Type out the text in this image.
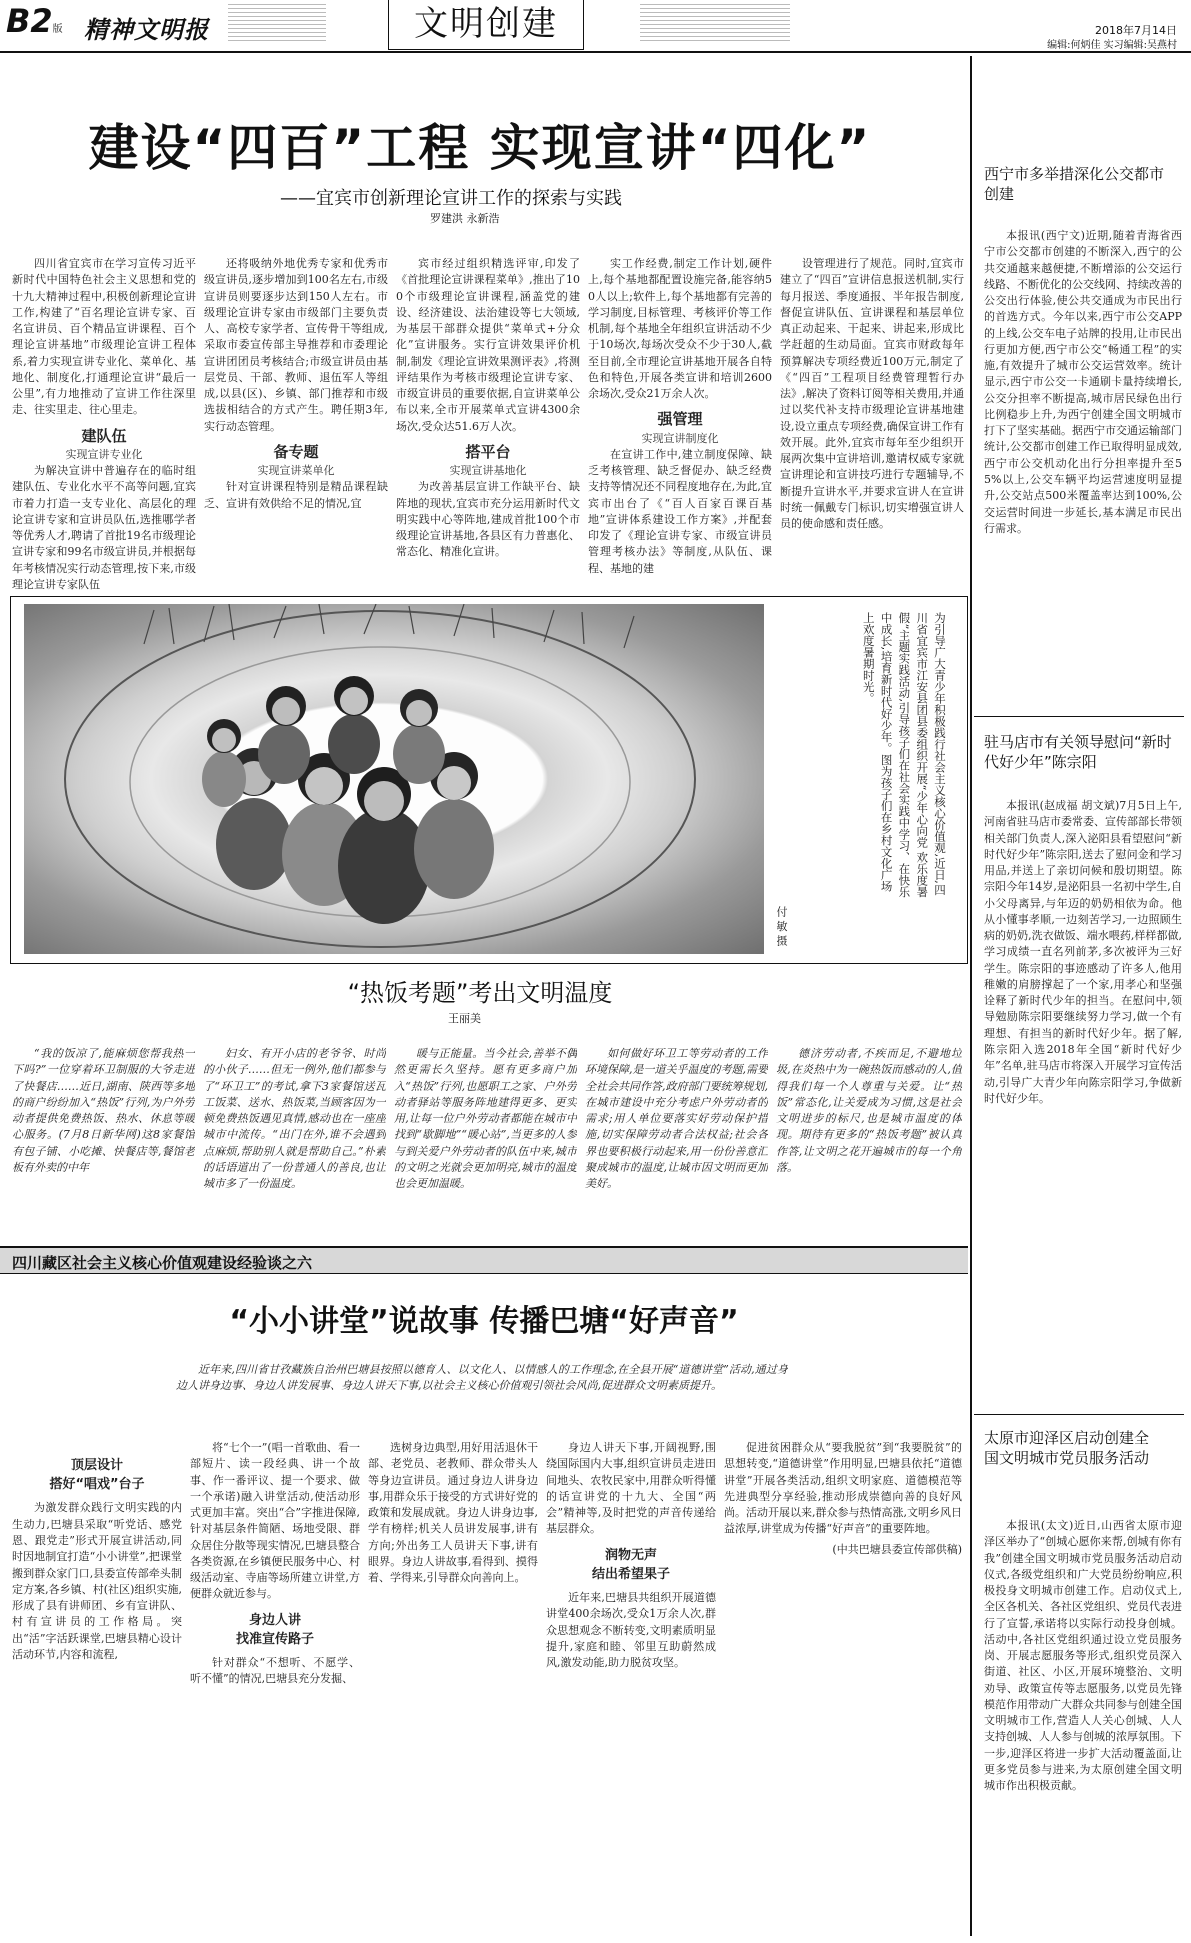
B2版 精神文明报	文明创建	2018年7月14日
编辑:何炳佳 实习编辑:吴燕村
建设“四百”工程 实现宣讲“四化”
——宜宾市创新理论宣讲工作的探索与实践
罗建洪 永新浩

四川省宜宾市在学习宣传习近平新时代中国特色社会主义思想和党的十九大精神过程中,积极创新理论宣讲工作,构建了“百名理论宣讲专家、百名宣讲员、百个精品宣讲课程、百个理论宣讲基地”市级理论宣讲工程体系,着力实现宣讲专业化、菜单化、基地化、制度化,打通理论宣讲“最后一公里”,有力地推动了宣讲工作往深里走、往实里走、往心里走。

建队伍

实现宣讲专业化

为解决宣讲中普遍存在的临时组建队伍、专业化水平不高等问题,宜宾市着力打造一支专业化、高层化的理论宣讲专家和宣讲员队伍,选推哪学者等优秀人才,聘请了首批19名市级理论宣讲专家和99名市级宣讲员,并根据每年考核情况实行动态管理,按下来,市级理论宣讲专家队伍

还将吸纳外地优秀专家和优秀市级宣讲员,逐步增加到100名左右,市级宣讲员则要逐步达到150人左右。市级理论宣讲专家由市级部门主要负责人、高校专家学者、宣传骨干等组成,采取市委宣传部主导推荐和市委理论宣讲团团员考核结合;市级宣讲员由基层党员、干部、教师、退伍军人等组成,以县(区)、乡镇、部门推荐和市级选拔相结合的方式产生。聘任期3年,实行动态管理。

备专题

实现宣讲菜单化

针对宣讲课程特别是精品课程缺乏、宣讲有效供给不足的情况,宜

宾市经过组织精选评审,印发了《首批理论宣讲课程菜单》,推出了100个市级理论宣讲课程,涵盖党的建设、经济建设、法治建设等七大领域,为基层干部群众提供“菜单式+分众化”宣讲服务。实行宣讲效果评价机制,制发《理论宣讲效果测评表》,将测评结果作为考核市级理论宣讲专家、市级宣讲员的重要依据,自宣讲菜单公布以来,全市开展菜单式宣讲4300余场次,受众达51.6万人次。

搭平台

实现宣讲基地化

为改善基层宣讲工作缺平台、缺阵地的现状,宜宾市充分运用新时代文明实践中心等阵地,建成首批100个市级理论宣讲基地,各县区有力普惠化、常态化、精准化宣讲。

实工作经费,制定工作计划,硬件上,每个基地都配置设施完备,能容纳50人以上;软件上,每个基地都有完善的学习制度,目标管理、考核评价等工作机制,每个基地全年组织宣讲活动不少于10场次,每场次受众不少于30人,截至目前,全市理论宣讲基地开展各自特色和特色,开展各类宣讲和培训2600余场次,受众21万余人次。

强管理

实现宣讲制度化

在宣讲工作中,建立制度保障、缺乏考核管理、缺乏督促办、缺乏经费支持等情况还不同程度地存在,为此,宜宾市出台了《“百人百家百课百基地”宣讲体系建设工作方案》,并配套印发了《理论宣讲专家、市级宣讲员管理考核办法》等制度,从队伍、课程、基地的建

设管理进行了规范。同时,宜宾市建立了“四百”宣讲信息报送机制,实行每月报送、季度通报、半年报告制度,督促宣讲队伍、宣讲课程和基层单位真正动起来、干起来、讲起来,形成比学赶超的生动局面。宜宾市财政每年预算解决专项经费近100万元,制定了《“四百”工程项目经费管理暂行办法》,解决了资料订阅等相关费用,并通过以奖代补支持市级理论宣讲基地建设,设立重点专项经费,确保宣讲工作有效开展。此外,宜宾市每年至少组织开展两次集中宣讲培训,邀请权威专家就宣讲理论和宣讲技巧进行专题辅导,不断提升宣讲水平,并要求宣讲人在宣讲时统一佩戴专门标识,切实增强宣讲人员的使命感和责任感。

为引导广大青少年积极践行社会主义核心价值观,近日,四川省宜宾市江安县团县委组织开展“少年心向党 欢乐度暑假”主题实践活动,引导孩子们在社会实践中学习、在快乐中成长,培育新时代好少年。图为孩子们在乡村文化广场上欢度暑期时光。
付 敏 摄
“热饭考题”考出文明温度
王丽美
“我的饭凉了,能麻烦您帮我热一下吗?”一位穿着环卫制服的大爷走进了快餐店……近日,湖南、陕西等多地的商户纷纷加入“热饭”行列,为户外劳动者提供免费热饭、热水、休息等暖心服务。(7月8日新华网)这8家餐馆有包子铺、小吃摊、快餐店等,餐馆老板有外卖的中年
妇女、有开小店的老爷爷、时尚的小伙子……但无一例外,他们都参与了“环卫工”的考试,拿下3家餐馆送瓦工饭菜、送水、热饭菜,当顾客因为一顿免费热饭遇见真情,感动也在一座座城市中流传。“出门在外,谁不会遇到点麻烦,帮助别人就是帮助自己。”朴素的话语道出了一份普通人的善良,也让城市多了一份温度。
暖与正能量。当今社会,善举不偶然更需长久坚持。愿有更多商户加入“热饭”行列,也愿职工之家、户外劳动者驿站等服务阵地建得更多、更实用,让每一位户外劳动者都能在城市中找到“歇脚地”“暖心站”,当更多的人参与到关爱户外劳动者的队伍中来,城市的文明之光就会更加明亮,城市的温度也会更加温暖。
如何做好环卫工等劳动者的工作环境保障,是一道关乎温度的考题,需要全社会共同作答,政府部门要统筹规划,在城市建设中充分考虑户外劳动者的需求;用人单位要落实好劳动保护措施,切实保障劳动者合法权益;社会各界也要积极行动起来,用一份份善意汇聚成城市的温度,让城市因文明而更加美好。
德济劳动者,不疾而足,不避地垃圾,在炎热中为一碗热饭而感动的人,值得我们每一个人尊重与关爱。让“热饭”常态化,让关爱成为习惯,这是社会文明进步的标尺,也是城市温度的体现。期待有更多的“热饭考题”被认真作答,让文明之花开遍城市的每一个角落。
四川藏区社会主义核心价值观建设经验谈之六
“小小讲堂”说故事 传播巴塘“好声音”
近年来,四川省甘孜藏族自治州巴塘县按照以德育人、以文化人、以情感人的工作理念,在全县开展“道德讲堂”活动,通过身边人讲身边事、身边人讲发展事、身边人讲天下事,以社会主义核心价值观引领社会风尚,促进群众文明素质提升。

顶层设计

搭好“唱戏”台子

为激发群众践行文明实践的内生动力,巴塘县采取“听党话、感党恩、跟党走”形式开展宣讲活动,同时因地制宜打造“小小讲堂”,把课堂搬到群众家门口,县委宣传部牵头制定方案,各乡镇、村(社区)组织实施,形成了县有讲师团、乡有宣讲队、村有宣讲员的工作格局。突出“活”字活跃课堂,巴塘县精心设计活动环节,内容和流程,

将“七个一”(唱一首歌曲、看一部短片、读一段经典、讲一个故事、作一番评议、提一个要求、做一个承诺)融入讲堂活动,使活动形式更加丰富。突出“合”字推进保障,针对基层条件简陋、场地受限、群众居住分散等现实情况,巴塘县整合各类资源,在乡镇便民服务中心、村级活动室、寺庙等场所建立讲堂,方便群众就近参与。

身边人讲

找准宣传路子

针对群众“不想听、不愿学、听不懂”的情况,巴塘县充分发掘、

选树身边典型,用好用活退休干部、老党员、老教师、群众带头人等身边宣讲员。通过身边人讲身边事,用群众乐于接受的方式讲好党的政策和发展成就。身边人讲身边事,学有榜样;机关人员讲发展事,讲有方向;外出务工人员讲天下事,讲有眼界。身边人讲故事,看得到、摸得着、学得来,引导群众向善向上。

身边人讲天下事,开阔视野,围绕国际国内大事,组织宣讲员走进田间地头、农牧民家中,用群众听得懂的话宣讲党的十九大、全国“两会”精神等,及时把党的声音传递给基层群众。

润物无声

结出希望果子

近年来,巴塘县共组织开展道德讲堂400余场次,受众1万余人次,群众思想观念不断转变,文明素质明显提升,家庭和睦、邻里互助蔚然成风,激发动能,助力脱贫攻坚。

促进贫困群众从“要我脱贫”到“我要脱贫”的思想转变,“道德讲堂”作用明显,巴塘县依托“道德讲堂”开展各类活动,组织文明家庭、道德模范等先进典型分享经验,推动形成崇德向善的良好风尚。活动开展以来,群众参与热情高涨,文明乡风日益浓厚,讲堂成为传播“好声音”的重要阵地。

(中共巴塘县委宣传部供稿)

西宁市多举措深化公交都市创建
本报讯(西宁文)近期,随着青海省西宁市公交都市创建的不断深入,西宁的公共交通越来越便捷,不断增添的公交运行线路、不断优化的公交线网、持续改善的公交出行体验,使公共交通成为市民出行的首选方式。今年以来,西宁市公交APP的上线,公交车电子站牌的投用,让市民出行更加方便,西宁市公交“畅通工程”的实施,有效提升了城市公交运营效率。统计显示,西宁市公交一卡通刷卡量持续增长,公交分担率不断提高,城市居民绿色出行比例稳步上升,为西宁创建全国文明城市打下了坚实基础。据西宁市交通运输部门统计,公交都市创建工作已取得明显成效,西宁市公交机动化出行分担率提升至55%以上,公交车辆平均运营速度明显提升,公交站点500米覆盖率达到100%,公交运营时间进一步延长,基本满足市民出行需求。
驻马店市有关领导慰问“新时代好少年”陈宗阳
本报讯(赵成福 胡文斌)7月5日上午,河南省驻马店市委常委、宣传部部长带领相关部门负责人,深入泌阳县看望慰问“新时代好少年”陈宗阳,送去了慰问金和学习用品,并送上了亲切问候和殷切期望。陈宗阳今年14岁,是泌阳县一名初中学生,自小父母离异,与年迈的奶奶相依为命。他从小懂事孝顺,一边刻苦学习,一边照顾生病的奶奶,洗衣做饭、端水喂药,样样都做,学习成绩一直名列前茅,多次被评为三好学生。陈宗阳的事迹感动了许多人,他用稚嫩的肩膀撑起了一个家,用孝心和坚强诠释了新时代少年的担当。在慰问中,领导勉励陈宗阳要继续努力学习,做一个有理想、有担当的新时代好少年。据了解,陈宗阳入选2018年全国“新时代好少年”名单,驻马店市将深入开展学习宣传活动,引导广大青少年向陈宗阳学习,争做新时代好少年。
太原市迎泽区启动创建全国文明城市党员服务活动
本报讯(太文)近日,山西省太原市迎泽区举办了“创城心愿你来帮,创城有你有我”创建全国文明城市党员服务活动启动仪式,各级党组织和广大党员纷纷响应,积极投身文明城市创建工作。启动仪式上,全区各机关、各社区党组织、党员代表进行了宣誓,承诺将以实际行动投身创城。活动中,各社区党组织通过设立党员服务岗、开展志愿服务等形式,组织党员深入街道、社区、小区,开展环境整治、文明劝导、政策宣传等志愿服务,以党员先锋模范作用带动广大群众共同参与创建全国文明城市工作,营造人人关心创城、人人支持创城、人人参与创城的浓厚氛围。下一步,迎泽区将进一步扩大活动覆盖面,让更多党员参与进来,为太原创建全国文明城市作出积极贡献。
